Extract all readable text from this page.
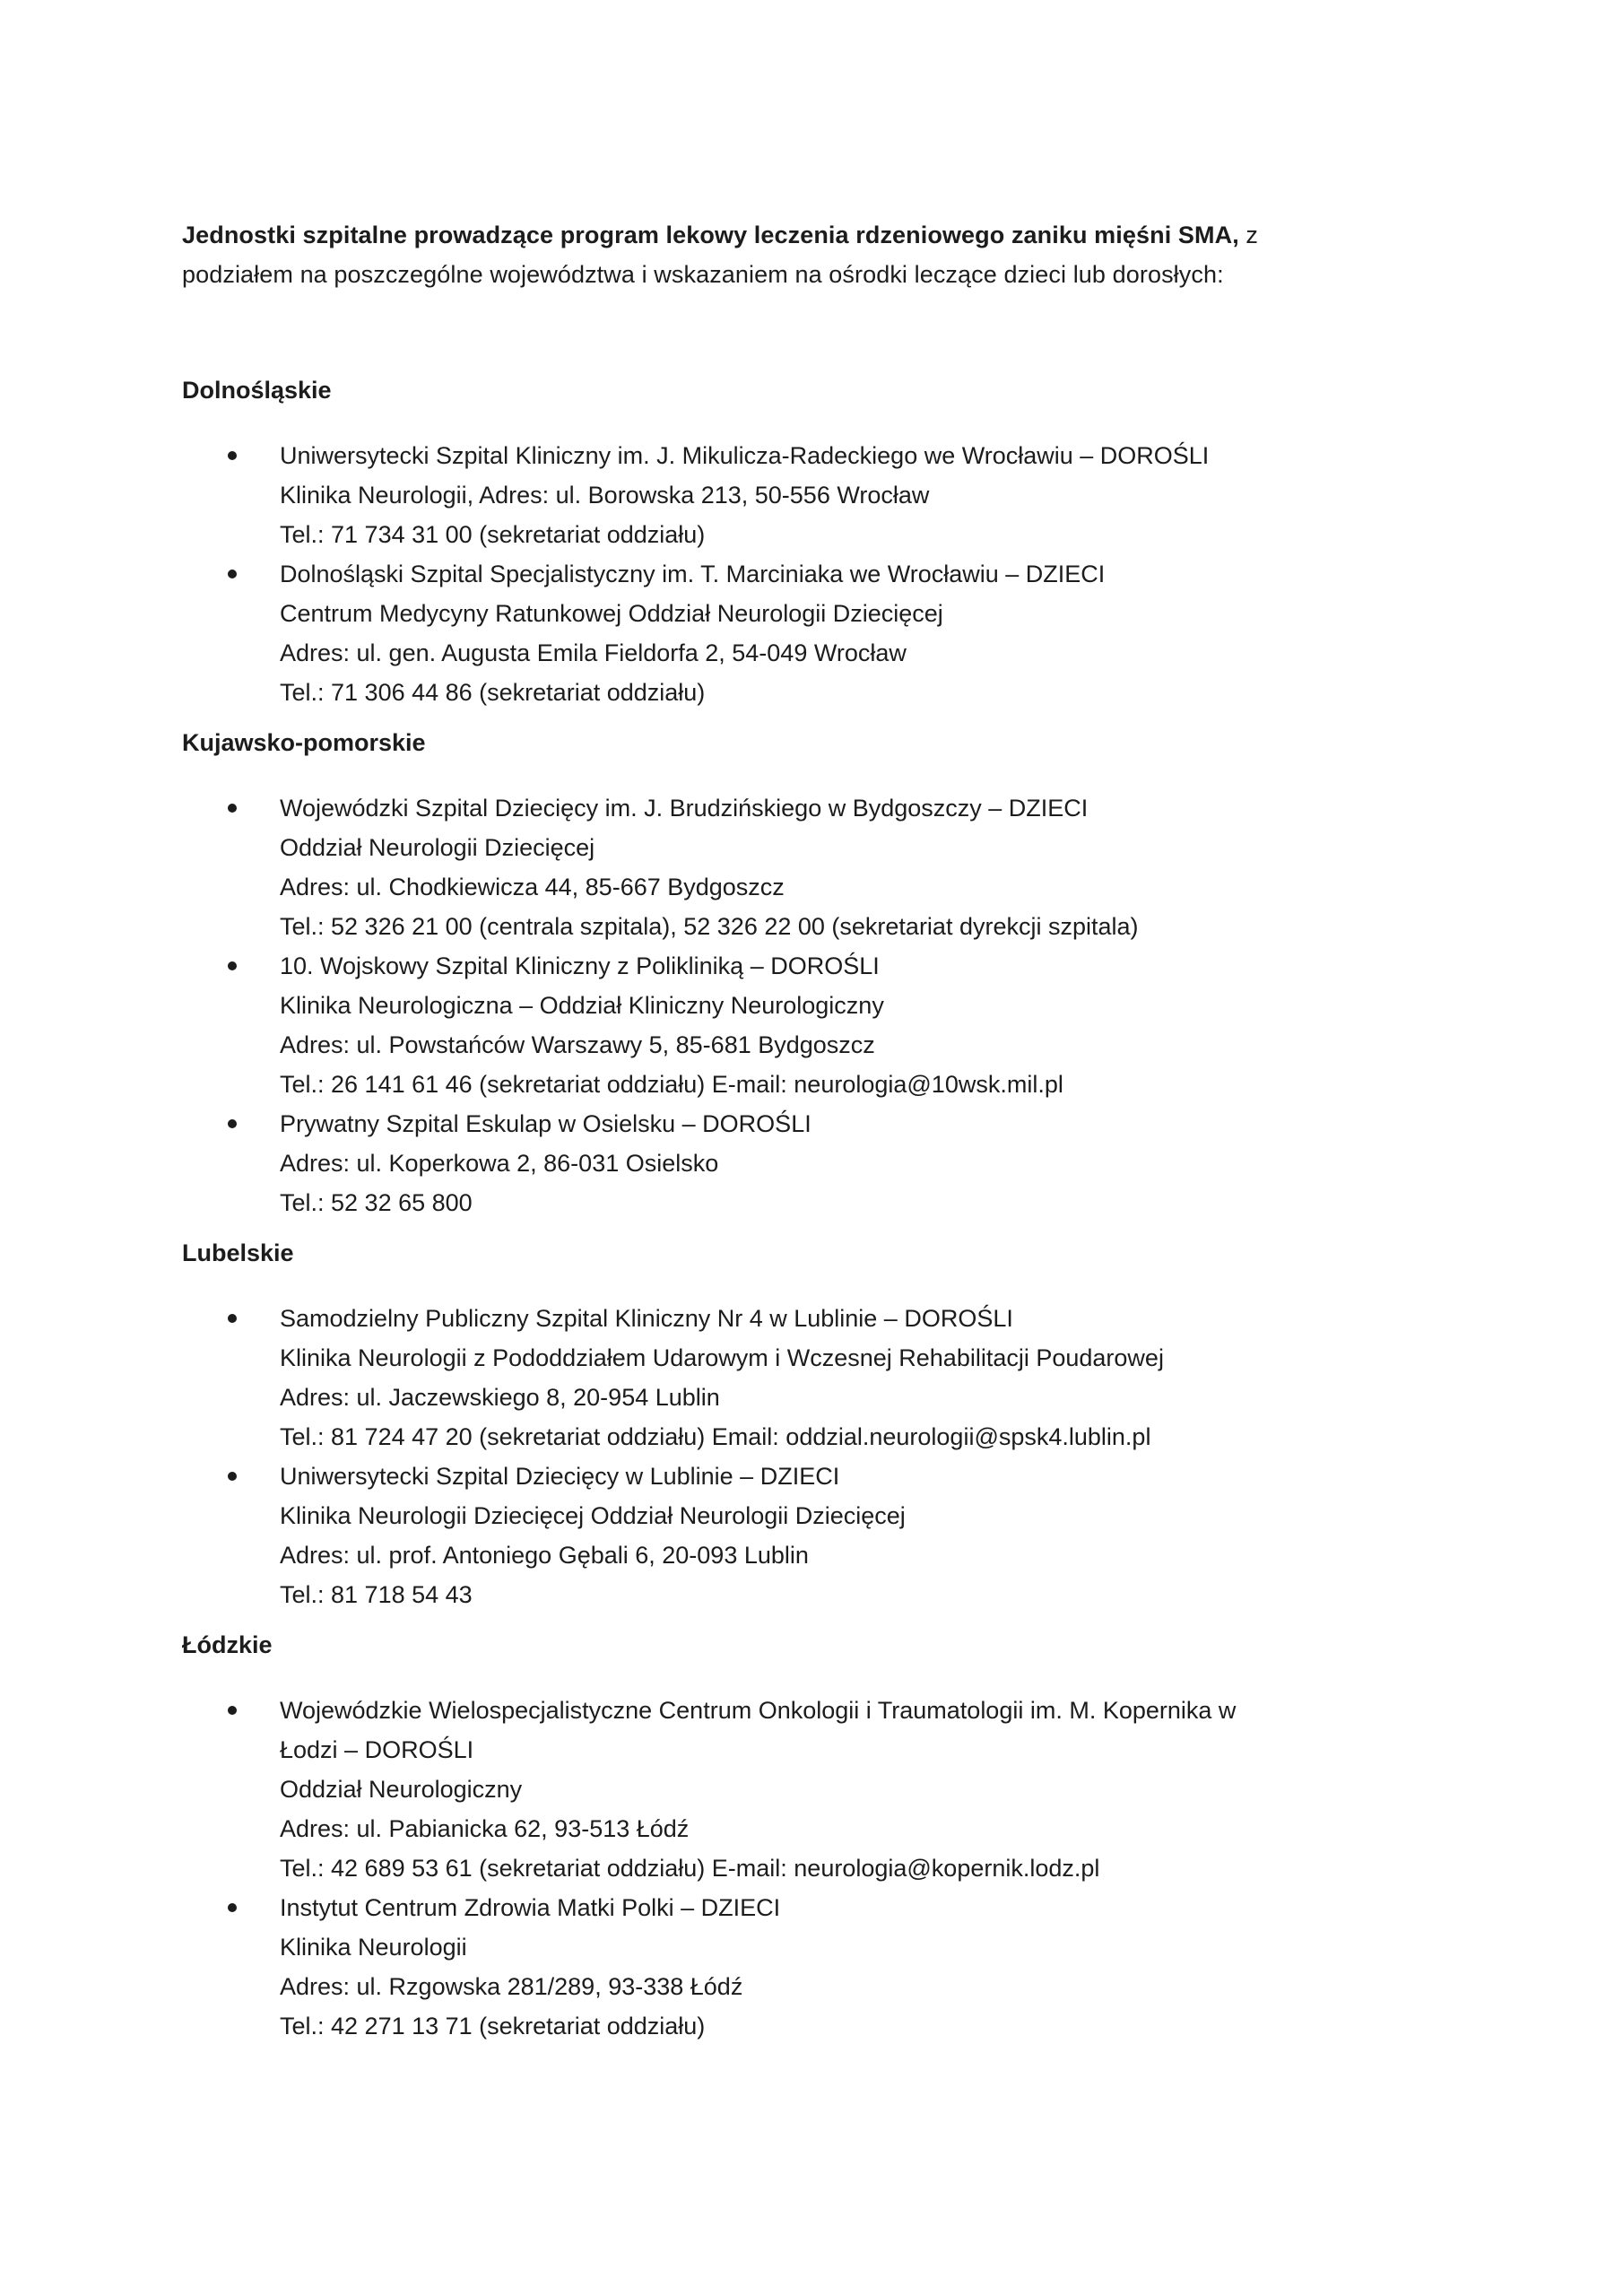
Jednostki szpitalne prowadzące program lekowy leczenia rdzeniowego zaniku mięśni SMA, z
podziałem na poszczególne województwa i wskazaniem na ośrodki leczące dzieci lub dorosłych:

Dolnośląskie
Uniwersytecki Szpital Kliniczny im. J. Mikulicza-Radeckiego we Wrocławiu – DOROŚLI
Klinika Neurologii, Adres: ul. Borowska 213, 50-556 Wrocław
Tel.: 71 734 31 00 (sekretariat oddziału)
Dolnośląski Szpital Specjalistyczny im. T. Marciniaka we Wrocławiu – DZIECI
Centrum Medycyny Ratunkowej Oddział Neurologii Dziecięcej
Adres: ul. gen. Augusta Emila Fieldorfa 2, 54-049 Wrocław
Tel.: 71 306 44 86 (sekretariat oddziału)
Kujawsko-pomorskie
Wojewódzki Szpital Dziecięcy im. J. Brudzińskiego w Bydgoszczy – DZIECI
Oddział Neurologii Dziecięcej
Adres: ul. Chodkiewicza 44, 85-667 Bydgoszcz
Tel.: 52 326 21 00 (centrala szpitala), 52 326 22 00 (sekretariat dyrekcji szpitala)
10. Wojskowy Szpital Kliniczny z Polikliniką – DOROŚLI
Klinika Neurologiczna – Oddział Kliniczny Neurologiczny
Adres: ul. Powstańców Warszawy 5, 85-681 Bydgoszcz
Tel.: 26 141 61 46 (sekretariat oddziału) E-mail: neurologia@10wsk.mil.pl
Prywatny Szpital Eskulap w Osielsku – DOROŚLI
Adres: ul. Koperkowa 2, 86-031 Osielsko
Tel.: 52 32 65 800
Lubelskie
Samodzielny Publiczny Szpital Kliniczny Nr 4 w Lublinie – DOROŚLI
Klinika Neurologii z Pododdziałem Udarowym i Wczesnej Rehabilitacji Poudarowej
Adres: ul. Jaczewskiego 8, 20-954 Lublin
Tel.: 81 724 47 20 (sekretariat oddziału) Email: oddzial.neurologii@spsk4.lublin.pl
Uniwersytecki Szpital Dziecięcy w Lublinie – DZIECI
Klinika Neurologii Dziecięcej Oddział Neurologii Dziecięcej
Adres: ul. prof. Antoniego Gębali 6, 20-093 Lublin
Tel.: 81 718 54 43
Łódzkie
Wojewódzkie Wielospecjalistyczne Centrum Onkologii i Traumatologii im. M. Kopernika w
Łodzi – DOROŚLI
Oddział Neurologiczny
Adres: ul. Pabianicka 62, 93-513 Łódź
Tel.: 42 689 53 61 (sekretariat oddziału) E-mail: neurologia@kopernik.lodz.pl
Instytut Centrum Zdrowia Matki Polki – DZIECI
Klinika Neurologii
Adres: ul. Rzgowska 281/289, 93-338 Łódź
Tel.: 42 271 13 71 (sekretariat oddziału)
